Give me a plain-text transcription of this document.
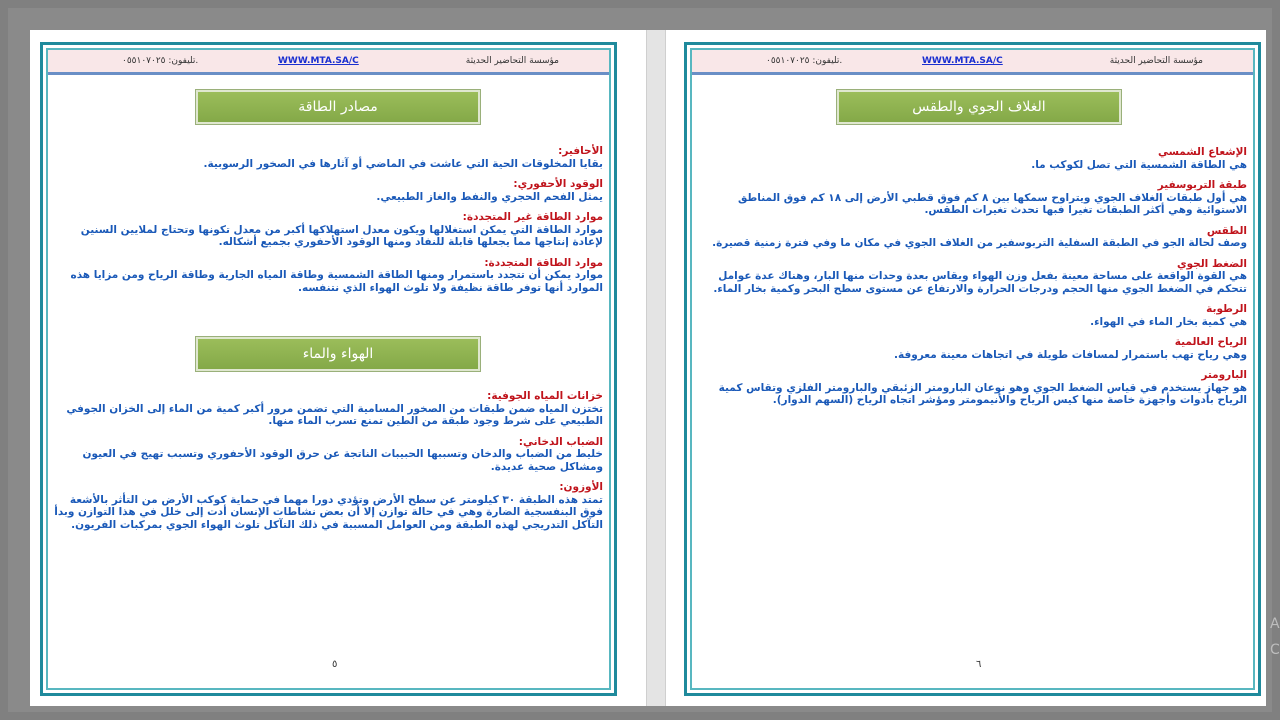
مؤسسة التحاضير الحديثة
WWW.MTA.SA/C
تليفون: ٠٥٥١٠٧٠٢٥.
مصادر الطاقة
الأحافير:
بقايا المخلوقات الحية التي عاشت في الماضي أو آثارها في الصخور الرسوبية.
الوقود الأحفوري:
يمثل الفحم الحجري والنفط والغاز الطبيعي.
موارد الطاقة غير المتجددة:
موارد الطاقة التي يمكن استغلالها ويكون معدل استهلاكها أكبر من معدل تكونها وتحتاج لملايين السنين لإعادة إنتاجها مما يجعلها قابلة للنفاد ومنها الوقود الأحفوري بجميع أشكاله.
موارد الطاقة المتجددة:
موارد يمكن أن تتجدد باستمرار ومنها الطاقة الشمسية وطاقة المياه الجارية وطاقة الرياح ومن مزايا هذه الموارد أنها توفر طاقة نظيفة ولا تلوث الهواء الذي نتنفسه.
الهواء والماء
خزانات المياه الجوفية:
تختزن المياه ضمن طبقات من الصخور المسامية التي تضمن مرور أكبر كمية من الماء إلى الخزان الجوفي الطبيعي على شرط وجود طبقة من الطين تمنع تسرب الماء منها.
الضباب الدخاني:
خليط من الضباب والدخان وتسببها الحبيبات الناتجة عن حرق الوقود الأحفوري وتسبب تهيج في العيون ومشاكل صحية عديدة.
الأوزون:
تمتد هذه الطبقة ٣٠ كيلومتر عن سطح الأرض وتؤدي دورا مهما في حماية كوكب الأرض من التأثر بالأشعة فوق البنفسجية الضارة وهي في حالة توازن إلا أن بعض نشاطات الإنسان أدت إلى خلل في هذا التوازن وبدأ التآكل التدريجي لهذه الطبقة ومن العوامل المسببة في ذلك التآكل تلوث الهواء الجوي بمركبات الفريون.
٥
مؤسسة التحاضير الحديثة
WWW.MTA.SA/C
تليفون: ٠٥٥١٠٧٠٢٥.
الغلاف الجوي والطقس
الإشعاع الشمسي
هي الطاقة الشمسية التي تصل لكوكب ما.
طبقة التربوسفير
هي أول طبقات الغلاف الجوي ويتراوح سمكها بين ٨ كم فوق قطبي الأرض إلى ١٨ كم فوق المناطق الاستوائية وهي أكثر الطبقات تغيرا فبها تحدث تغيرات الطقس.
الطقس
وصف لحالة الجو في الطبقة السفلية التربوسفير من الغلاف الجوي في مكان ما وفي فترة زمنية قصيرة.
الضغط الجوي
هي القوة الواقعة على مساحة معينة بفعل وزن الهواء ويقاس بعدة وحدات منها البار، وهناك عدة عوامل تتحكم في الضغط الجوي منها الحجم ودرجات الحرارة والارتفاع عن مستوى سطح البحر وكمية بخار الماء.
الرطوبة
هي كمية بخار الماء في الهواء.
الرياح العالمية
وهي رياح تهب باستمرار لمسافات طويلة في اتجاهات معينة معروفة.
البارومتر
هو جهاز يستخدم في قياس الضغط الجوي وهو نوعان البارومتر الزئبقي والبارومتر الفلزي وتقاس كمية الرياح بأدوات وأجهزة خاصة منها كيس الرياح والأنيمومتر ومؤشر اتجاه الرياح (السهم الدوار).
٦
A
C
